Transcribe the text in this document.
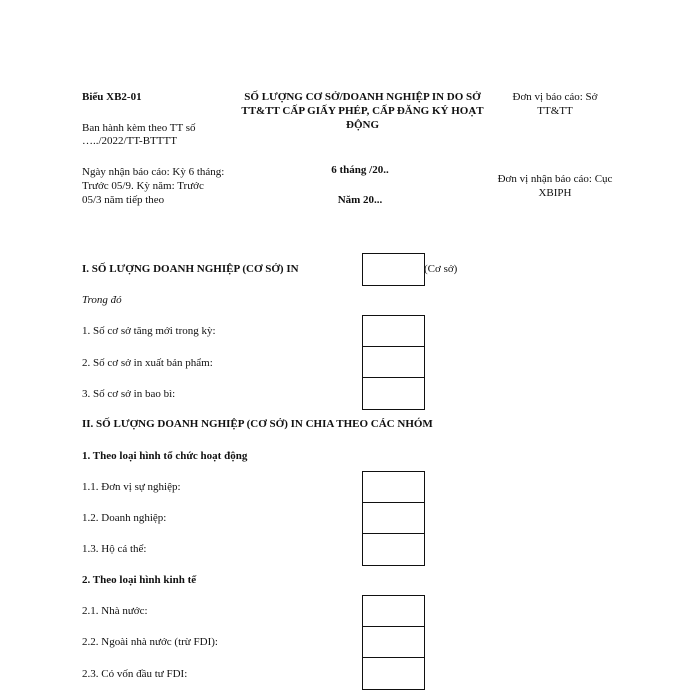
Biểu XB2-01
Ban hành kèm theo TT số
…../2022/TT-BTTTT
SỐ LƯỢNG CƠ SỞ/DOANH NGHIỆP IN DO SỞ
TT&TT CẤP GIẤY PHÉP, CẤP ĐĂNG KÝ HOẠT
ĐỘNG
Đơn vị báo cáo: Sở
TT&TT
Ngày nhận báo cáo: Kỳ 6 tháng:
Trước 05/9. Kỳ năm: Trước
05/3 năm tiếp theo
6 tháng /20..
Năm 20...
Đơn vị nhận báo cáo: Cục
XBIPH
I. SỐ LƯỢNG DOANH NGHIỆP (CƠ SỞ) IN	(Cơ sở)
Trong đó
1. Số cơ sở tăng mới trong kỳ:
2. Số cơ sở in xuất bản phẩm:
3. Số cơ sở in bao bì:
II. SỐ LƯỢNG DOANH NGHIỆP (CƠ SỞ) IN CHIA THEO CÁC NHÓM
1. Theo loại hình tổ chức hoạt động
1.1. Đơn vị sự nghiệp:
1.2. Doanh nghiệp:
1.3. Hộ cá thể:
2. Theo loại hình kinh tế
2.1. Nhà nước:
2.2. Ngoài nhà nước (trừ FDI):
2.3. Có vốn đầu tư FDI:
